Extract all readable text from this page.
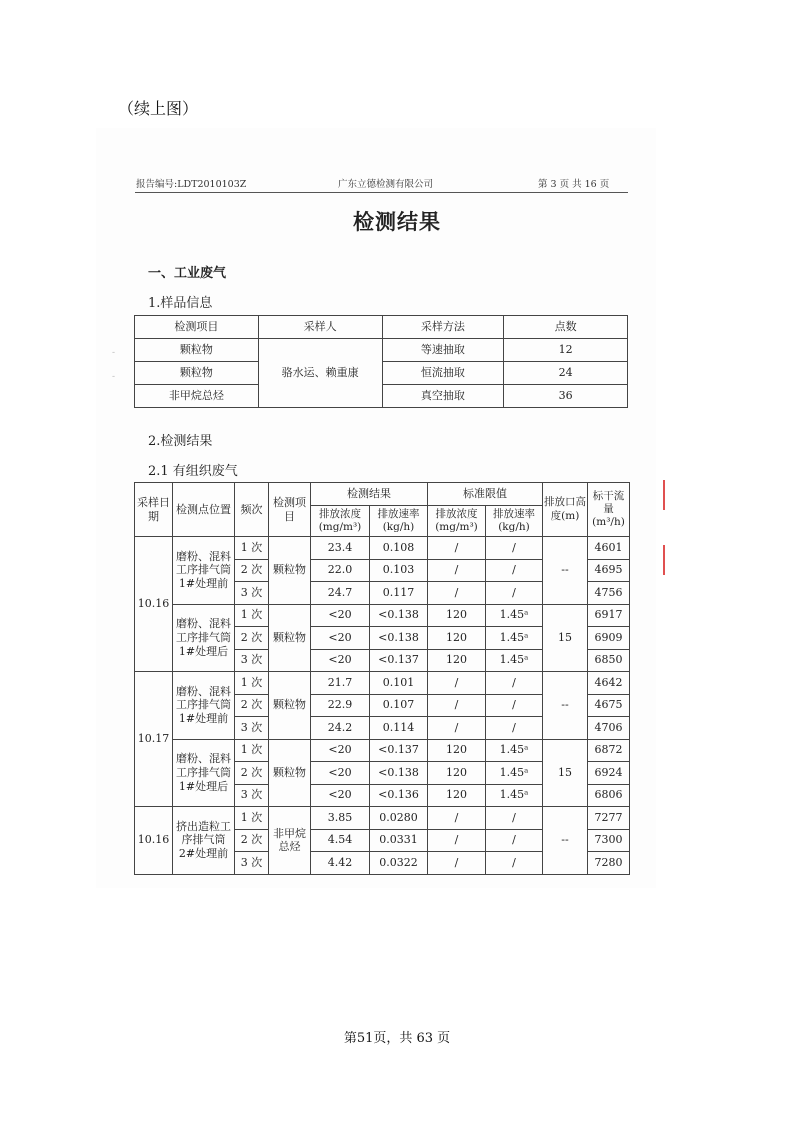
（续上图）
报告编号:LDT2010103Z	广东立德检测有限公司	第 3 页 共 16 页
检测结果
一、工业废气
1.样品信息
检测项目	采样人	采样方法	点数
颗粒物	骆水运、赖重康	等速抽取	12
颗粒物		恒流抽取	24
非甲烷总烃		真空抽取	36
2.检测结果
2.1 有组织废气
采样日期	检测点位置	频次	检测项目	检测结果		标准限值		排放口高度(m)	标干流量(m³/h)
				排放浓度(mg/m³)	排放速率(kg/h)	排放浓度(mg/m³)	排放速率(kg/h)		
10.16	磨粉、混料工序排气筒1#处理前	1 次	颗粒物	23.4	0.108	/	/	--	4601
		2 次		22.0	0.103	/	/		4695
		3 次		24.7	0.117	/	/		4756
	磨粉、混料工序排气筒1#处理后	1 次	颗粒物	<20	<0.138	120	1.45ᵃ	15	6917
		2 次		<20	<0.138	120	1.45ᵃ		6909
		3 次		<20	<0.137	120	1.45ᵃ		6850
10.17	磨粉、混料工序排气筒1#处理前	1 次	颗粒物	21.7	0.101	/	/	--	4642
		2 次		22.9	0.107	/	/		4675
		3 次		24.2	0.114	/	/		4706
	磨粉、混料工序排气筒1#处理后	1 次	颗粒物	<20	<0.137	120	1.45ᵃ	15	6872
		2 次		<20	<0.138	120	1.45ᵃ		6924
		3 次		<20	<0.136	120	1.45ᵃ		6806
10.16	挤出造粒工序排气筒 2#处理前	1 次	非甲烷总烃	3.85	0.0280	/	/	--	7277
		2 次		4.54	0.0331	/	/		7300
		3 次		4.42	0.0322	/	/		7280
-
-
第51页，共 63 页
